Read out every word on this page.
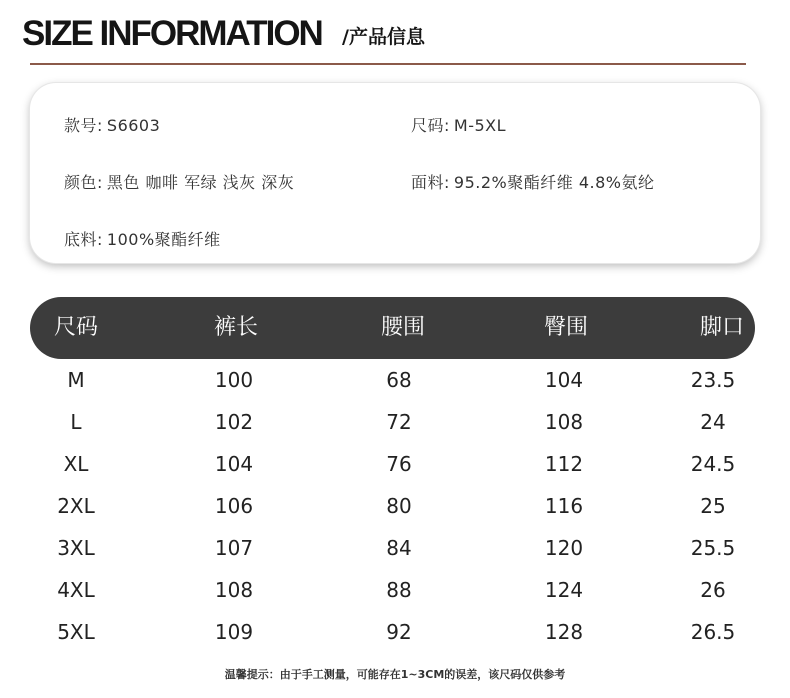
SIZE INFORMATION /产品信息
款号: S6603	尺码: M-5XL
颜色: 黑色 咖啡 军绿 浅灰 深灰	面料: 95.2%聚酯纤维 4.8%氨纶
底料: 100%聚酯纤维
尺码	裤长	腰围	臀围	脚口
M	100	68	104	23.5
L	102	72	108	24
XL	104	76	112	24.5
2XL	106	80	116	25
3XL	107	84	120	25.5
4XL	108	88	124	26
5XL	109	92	128	26.5
温馨提示：由于手工测量，可能存在1~3CM的误差，该尺码仅供参考
